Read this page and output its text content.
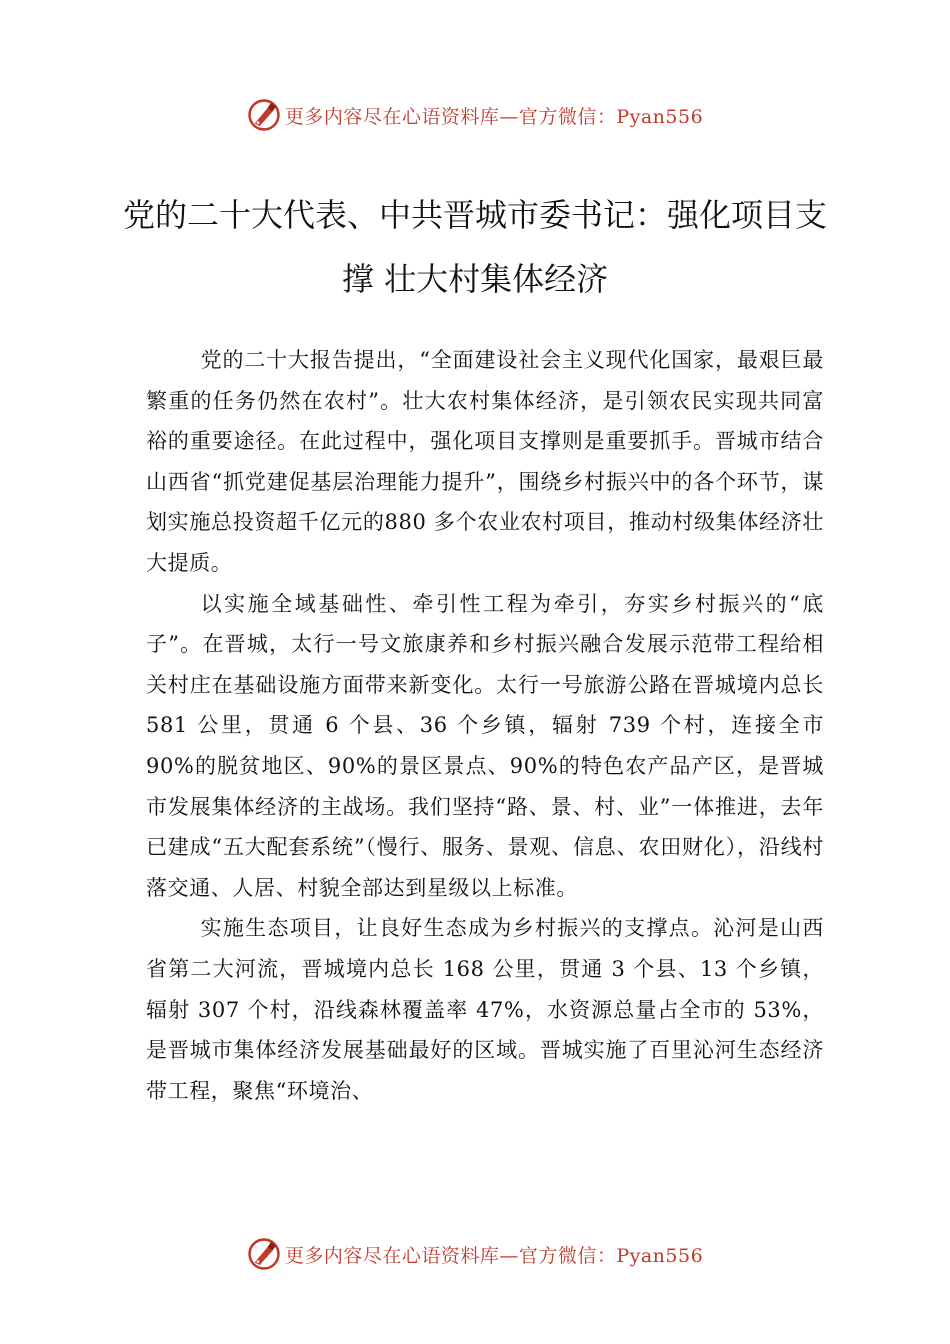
更多内容尽在心语资料库—官方微信：Pyan556
党的二十大代表、中共晋城市委书记：强化项目支撑 壮大村集体经济

党的二十大报告提出，“全面建设社会主义现代化国家，最艰巨最繁重的任务仍然在农村”。壮大农村集体经济，是引领农民实现共同富裕的重要途径。在此过程中，强化项目支撑则是重要抓手。晋城市结合山西省“抓党建促基层治理能力提升”，围绕乡村振兴中的各个环节，谋划实施总投资超千亿元的880 多个农业农村项目，推动村级集体经济壮大提质。

以实施全域基础性、牵引性工程为牵引，夯实乡村振兴的“底子”。在晋城，太行一号文旅康养和乡村振兴融合发展示范带工程给相关村庄在基础设施方面带来新变化。太行一号旅游公路在晋城境内总长 581 公里，贯通 6 个县、36 个乡镇，辐射 739 个村，连接全市 90%的脱贫地区、90%的景区景点、90%的特色农产品产区，是晋城市发展集体经济的主战场。我们坚持“路、景、村、业”一体推进，去年已建成“五大配套系统”（慢行、服务、景观、信息、农田财化），沿线村落交通、人居、村貌全部达到星级以上标准。

实施生态项目，让良好生态成为乡村振兴的支撑点。沁河是山西省第二大河流，晋城境内总长 168 公里，贯通 3 个县、13 个乡镇，辐射 307 个村，沿线森林覆盖率 47%，水资源总量占全市的 53%，是晋城市集体经济发展基础最好的区域。晋城实施了百里沁河生态经济带工程，聚焦“环境治、

更多内容尽在心语资料库—官方微信：Pyan556
